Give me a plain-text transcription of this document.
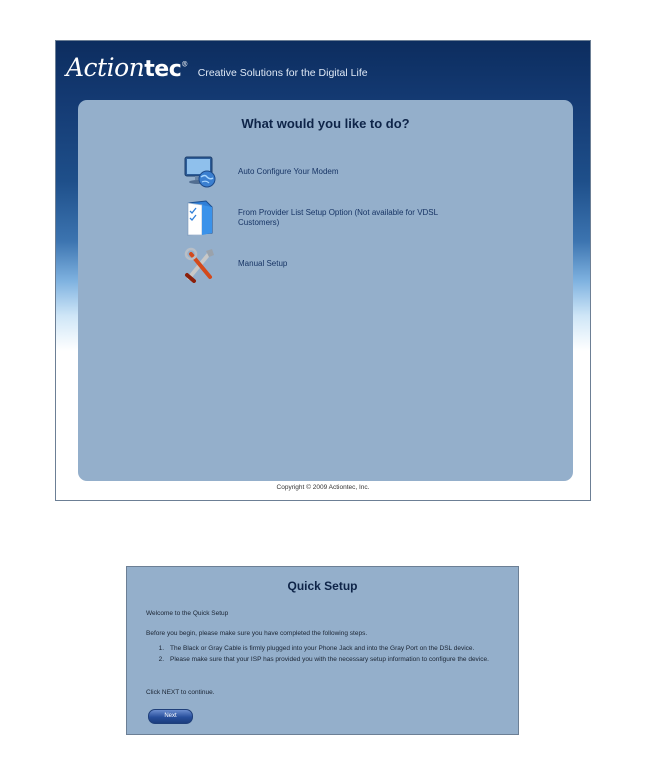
Actiontec®
Creative Solutions for the Digital Life
What would you like to do?
Auto Configure Your Modem
From Provider List Setup Option (Not available for VDSL Customers)
Manual Setup
Copyright © 2009 Actiontec, Inc.
Quick Setup
Welcome to the Quick Setup
Before you begin, please make sure you have completed the following steps.
1. The Black or Gray Cable is firmly plugged into your Phone Jack and into the Gray Port on the DSL device.
2. Please make sure that your ISP has provided you with the necessary setup information to configure the device.
Click NEXT to continue.
Next
